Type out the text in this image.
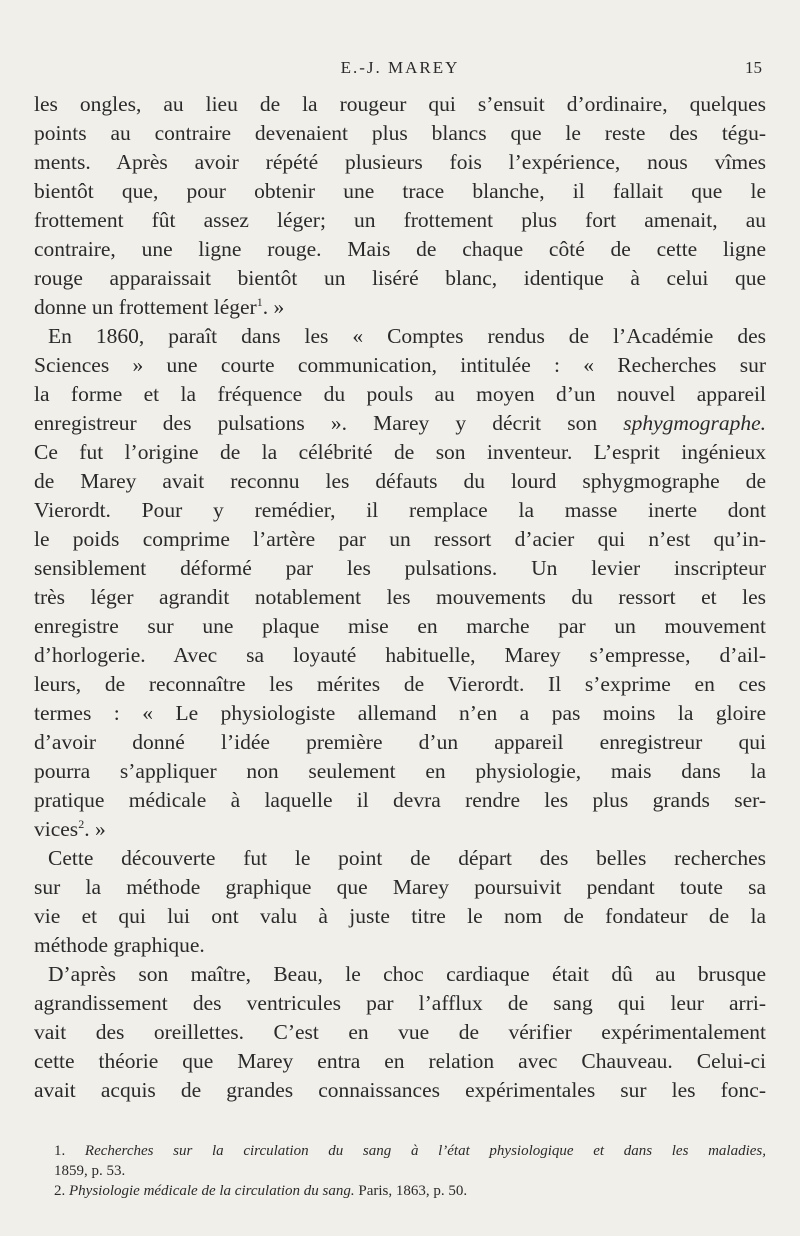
E.-J. MAREY	15
les ongles, au lieu de la rougeur qui s’ensuit d’ordinaire, quelques
points au contraire devenaient plus blancs que le reste des tégu-
ments. Après avoir répété plusieurs fois l’expérience, nous vîmes
bientôt que, pour obtenir une trace blanche, il fallait que le
frottement fût assez léger; un frottement plus fort amenait, au
contraire, une ligne rouge. Mais de chaque côté de cette ligne
rouge apparaissait bientôt un liséré blanc, identique à celui que
donne un frottement léger$^1$. »
En 1860, paraît dans les « Comptes rendus de l’Académie des
Sciences » une courte communication, intitulée : « Recherches sur
la forme et la fréquence du pouls au moyen d’un nouvel appareil
enregistreur des pulsations ». Marey y décrit son sphygmographe.
Ce fut l’origine de la célébrité de son inventeur. L’esprit ingénieux
de Marey avait reconnu les défauts du lourd sphygmographe de
Vierordt. Pour y remédier, il remplace la masse inerte dont
le poids comprime l’artère par un ressort d’acier qui n’est qu’in-
sensiblement déformé par les pulsations. Un levier inscripteur
très léger agrandit notablement les mouvements du ressort et les
enregistre sur une plaque mise en marche par un mouvement
d’horlogerie. Avec sa loyauté habituelle, Marey s’empresse, d’ail-
leurs, de reconnaître les mérites de Vierordt. Il s’exprime en ces
termes : « Le physiologiste allemand n’en a pas moins la gloire
d’avoir donné l’idée première d’un appareil enregistreur qui
pourra s’appliquer non seulement en physiologie, mais dans la
pratique médicale à laquelle il devra rendre les plus grands ser-
vices$^2$. »
Cette découverte fut le point de départ des belles recherches
sur la méthode graphique que Marey poursuivit pendant toute sa
vie et qui lui ont valu à juste titre le nom de fondateur de la
méthode graphique.
D’après son maître, Beau, le choc cardiaque était dû au brusque
agrandissement des ventricules par l’afflux de sang qui leur arri-
vait des oreillettes. C’est en vue de vérifier expérimentalement
cette théorie que Marey entra en relation avec Chauveau. Celui-ci
avait acquis de grandes connaissances expérimentales sur les fonc-
1. Recherches sur la circulation du sang à l’état physiologique et dans les maladies,
1859, p. 53.
2. Physiologie médicale de la circulation du sang. Paris, 1863, p. 50.
